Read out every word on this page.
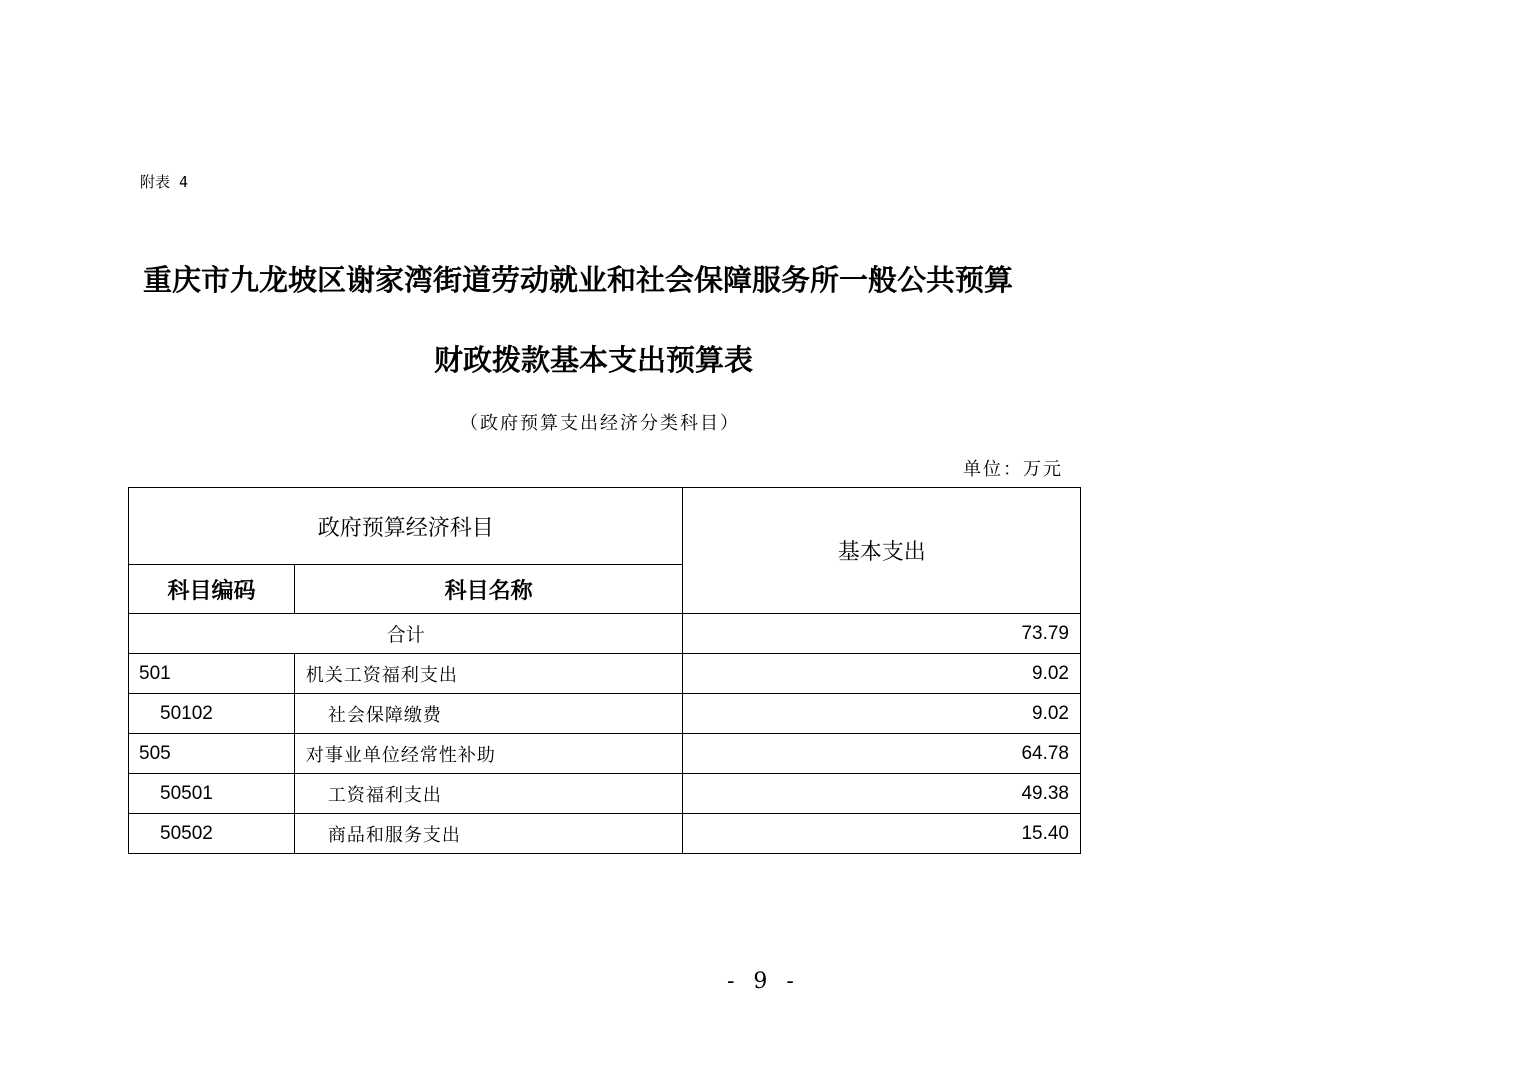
附表 4
重庆市九龙坡区谢家湾街道劳动就业和社会保障服务所一般公共预算
财政拨款基本支出预算表
（政府预算支出经济分类科目）
单位：万元
政府预算经济科目		基本支出
科目编码	科目名称	
合计		73.79
501	机关工资福利支出	9.02
50102	社会保障缴费	9.02
505	对事业单位经常性补助	64.78
50501	工资福利支出	49.38
50502	商品和服务支出	15.40
- 9 -
